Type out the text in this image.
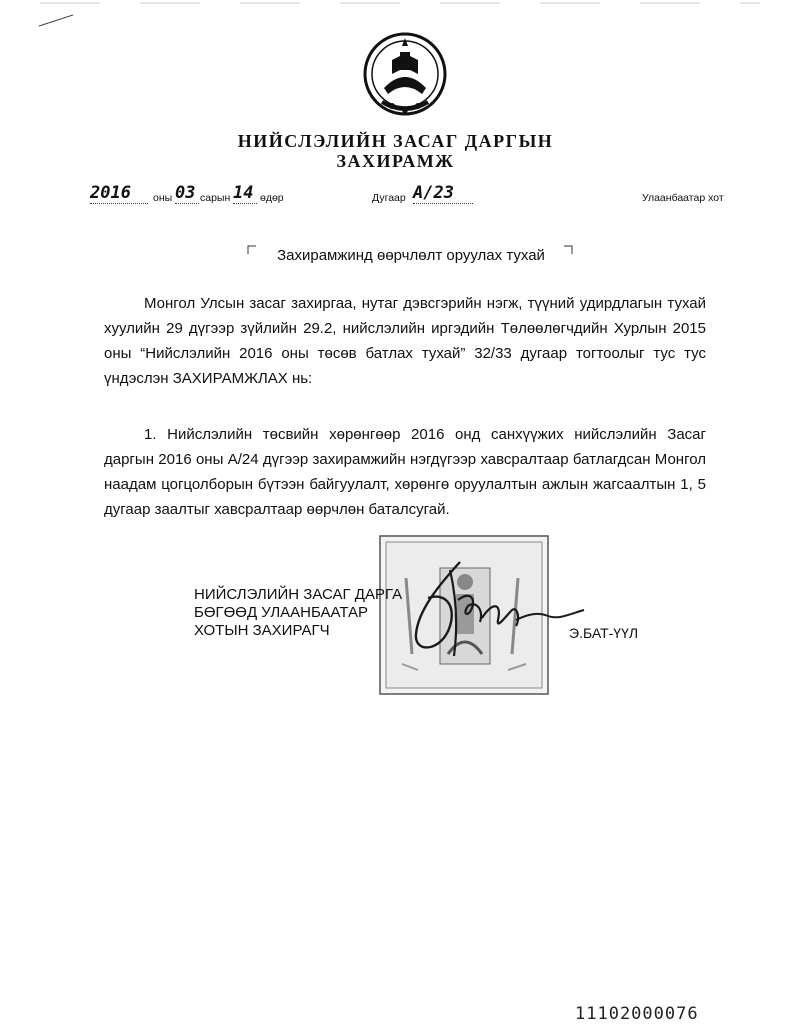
НИЙСЛЭЛИЙН ЗАСАГ ДАРГЫН
ЗАХИРАМЖ
2016	оны 03 сарын 14 өдөр	Дугаар А/23	Улаанбаатар хот
Захирамжинд өөрчлөлт оруулах тухай

Монгол Улсын засаг захиргаа, нутаг дэвсгэрийн нэгж, түүний удирдлагын тухай хуулийн 29 дүгээр зүйлийн 29.2, нийслэлийн иргэдийн Төлөөлөгчдийн Хурлын 2015 оны “Нийслэлийн 2016 оны төсөв батлах тухай” 32/33 дугаар тогтоолыг тус тус үндэслэн ЗАХИРАМЖЛАХ нь:

1. Нийслэлийн төсвийн хөрөнгөөр 2016 онд санхүүжих нийслэлийн Засаг даргын 2016 оны А/24 дүгээр захирамжийн нэгдүгээр хавсралтаар батлагдсан Монгол наадам цогцолборын бүтээн байгуулалт, хөрөнгө оруулалтын ажлын жагсаалтын 1, 5 дугаар заалтыг хавсралтаар өөрчлөн баталсугай.

НИЙСЛЭЛИЙН ЗАСАГ ДАРГА
БӨГӨӨД УЛААНБААТАР
ХОТЫН ЗАХИРАГЧ	Э.БАТ-ҮҮЛ
11102000076
